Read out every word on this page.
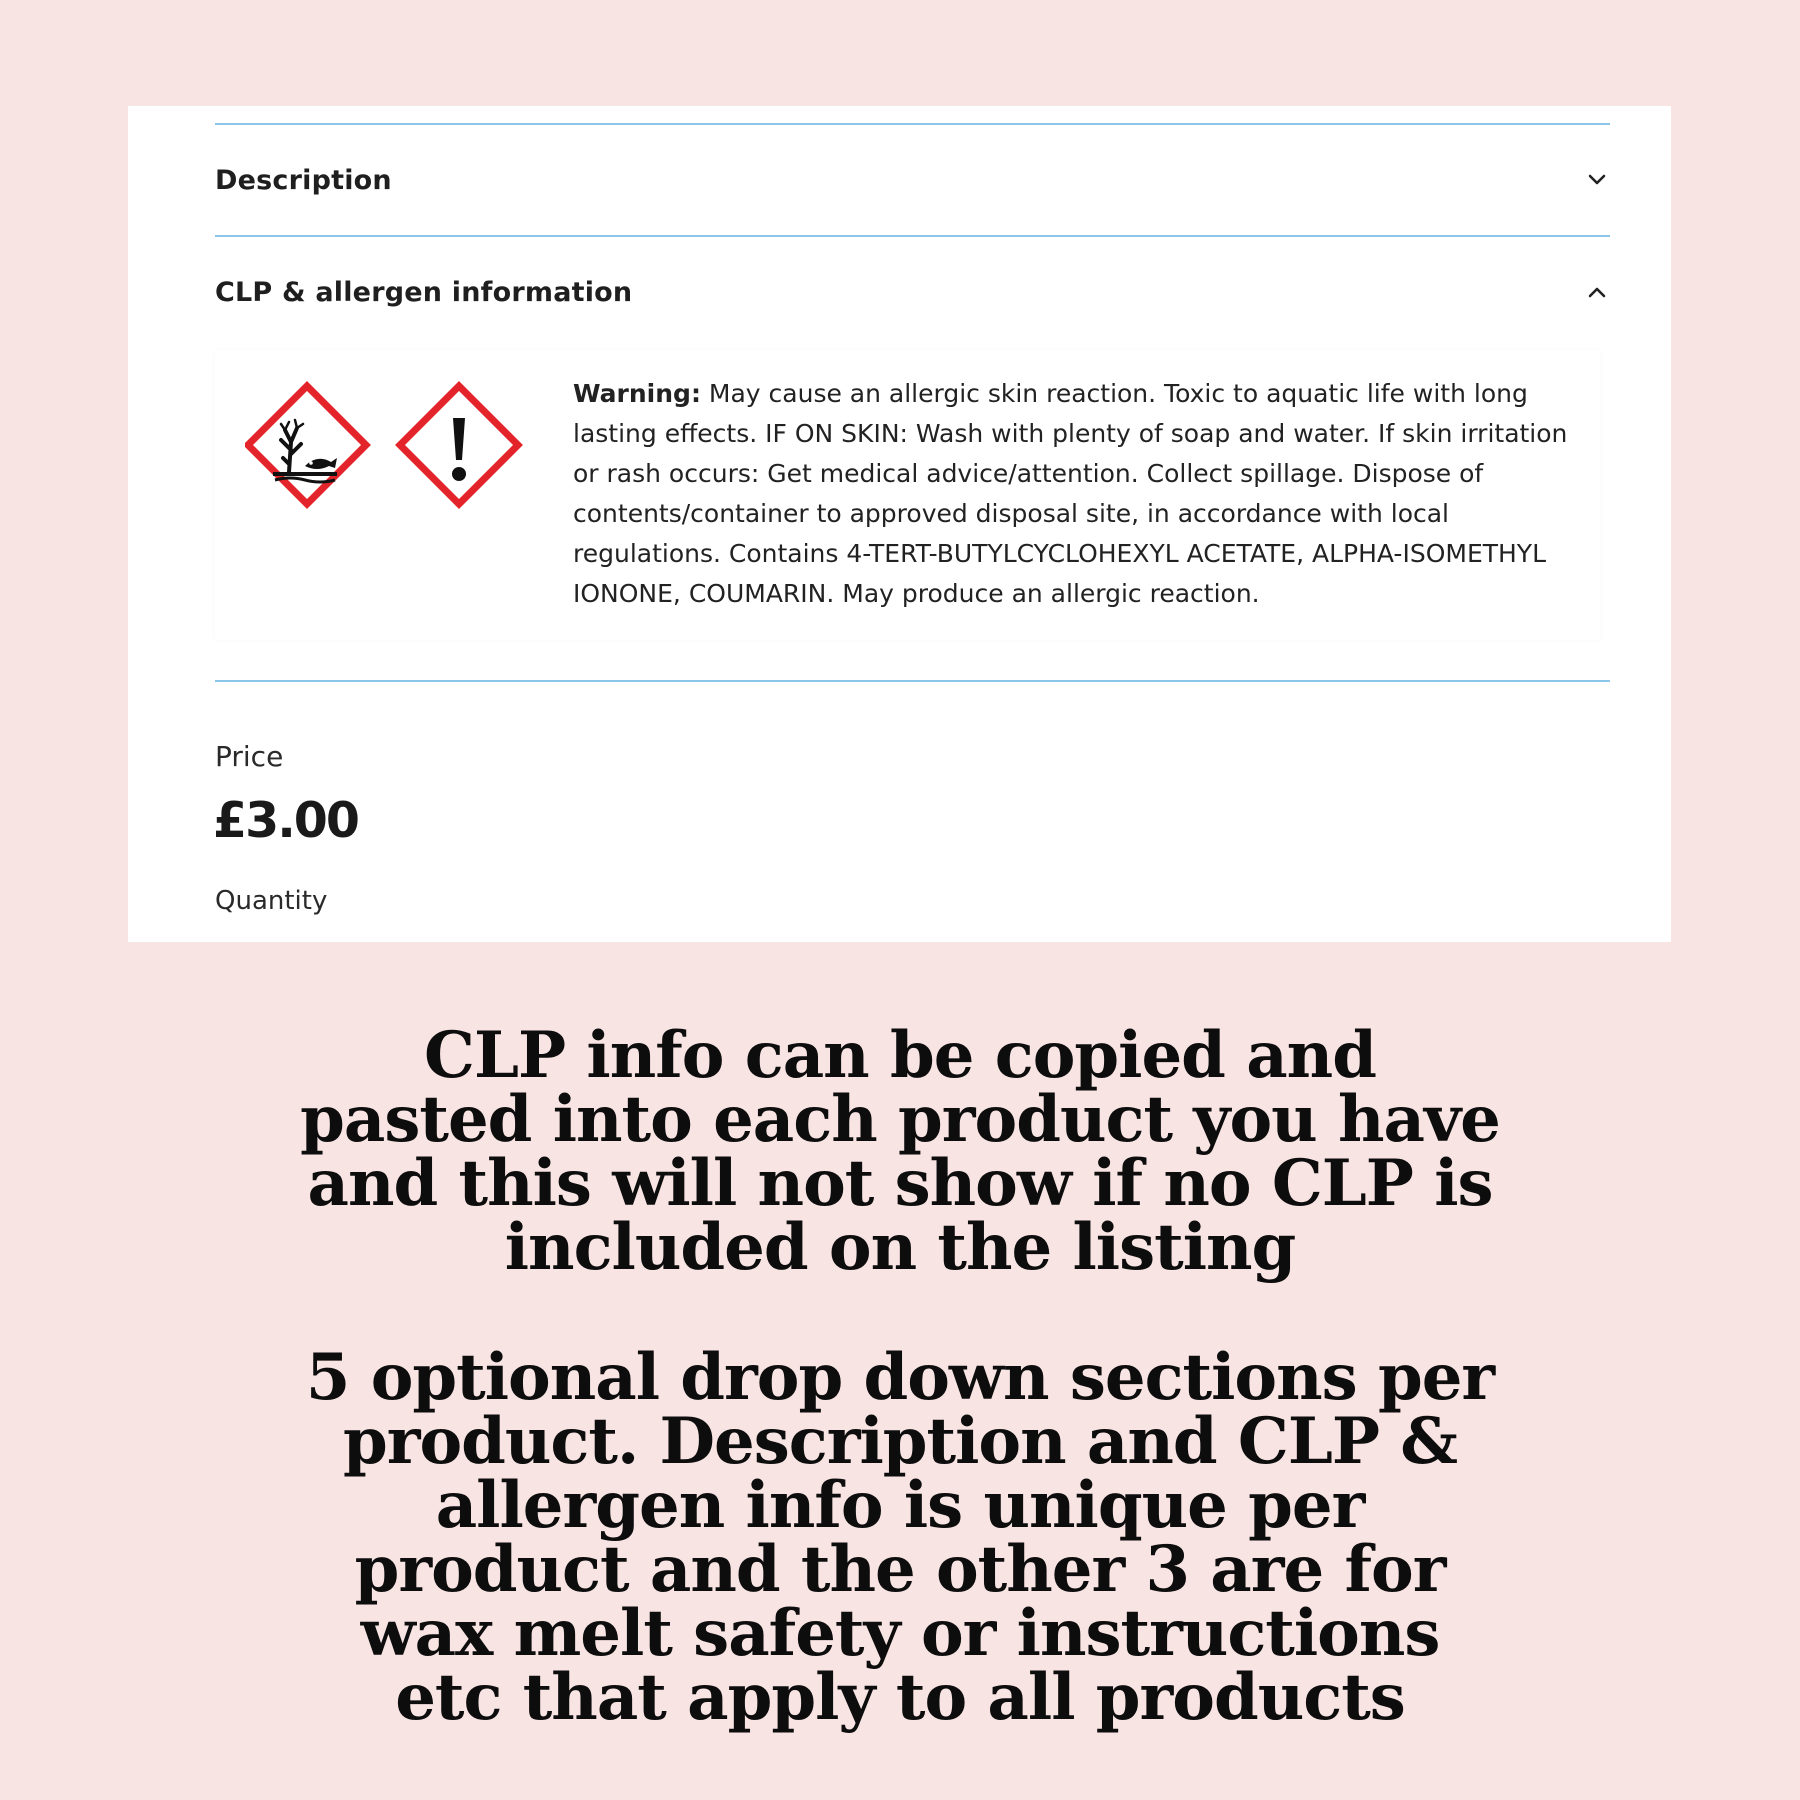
Description
CLP & allergen information
Warning: May cause an allergic skin reaction. Toxic to aquatic life with long lasting effects. IF ON SKIN: Wash with plenty of soap and water. If skin irritation or rash occurs: Get medical advice/attention. Collect spillage. Dispose of contents/container to approved disposal site, in accordance with local regulations. Contains 4-TERT-BUTYLCYCLOHEXYL ACETATE, ALPHA-ISOMETHYL IONONE, COUMARIN. May produce an allergic reaction.
Price
£3.00
Quantity
CLP info can be copied and pasted into each product you have and this will not show if no CLP is included on the listing
5 optional drop down sections per product. Description and CLP & allergen info is unique per product and the other 3 are for wax melt safety or instructions etc that apply to all products
